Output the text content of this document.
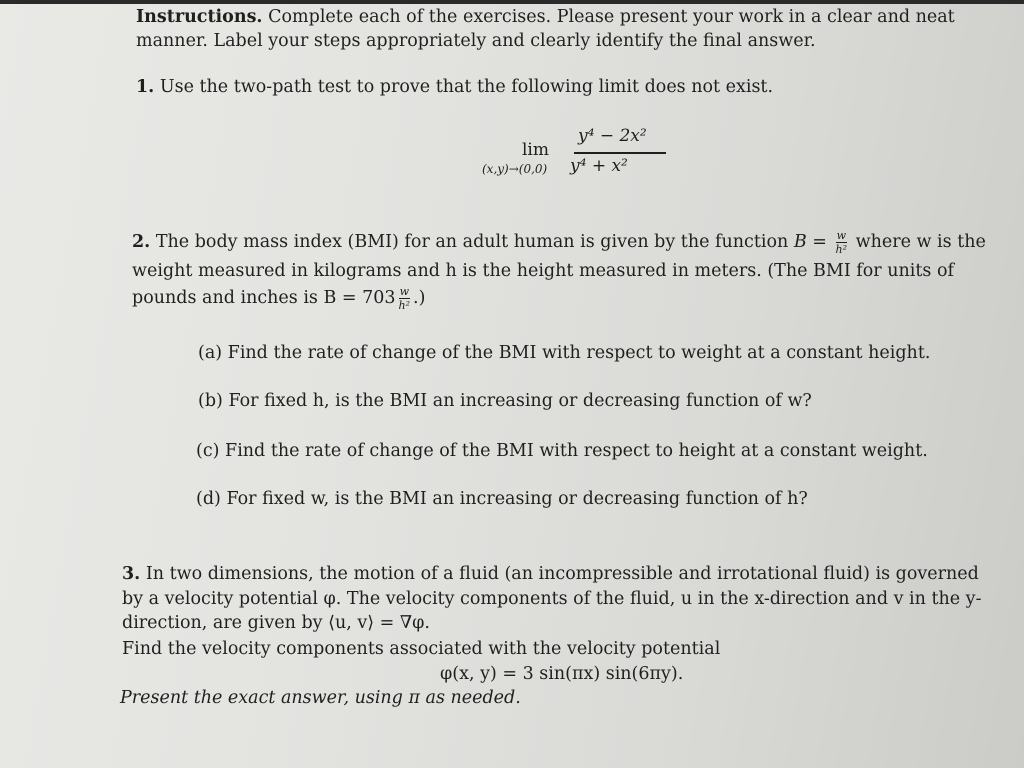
Instructions. Complete each of the exercises. Please present your work in a clear and neat
manner. Label your steps appropriately and clearly identify the final answer.
1. Use the two-path test to prove that the following limit does not exist.
lim
(x,y)→(0,0)
y⁴ − 2x²
y⁴ + x²
2. The body mass index (BMI) for an adult human is given by the function $B = \frac{w}{\text{h²}}$ where w is the
weight measured in kilograms and h is the height measured in meters. (The BMI for units of
pounds and inches is $B = 703 \frac{w}{\text{h²}}$ .)
(a) Find the rate of change of the BMI with respect to weight at a constant height.
(b) For fixed h, is the BMI an increasing or decreasing function of w?
(c) Find the rate of change of the BMI with respect to height at a constant weight.
(d) For fixed w, is the BMI an increasing or decreasing function of h?
3. In two dimensions, the motion of a fluid (an incompressible and irrotational fluid) is governed
by a velocity potential φ. The velocity components of the fluid, u in the x-direction and v in the y-
direction, are given by ⟨u, v⟩ = ∇φ.
Find the velocity components associated with the velocity potential
φ(x, y) = 3 sin(πx) sin(6πy).
Present the exact answer, using π as needed.
